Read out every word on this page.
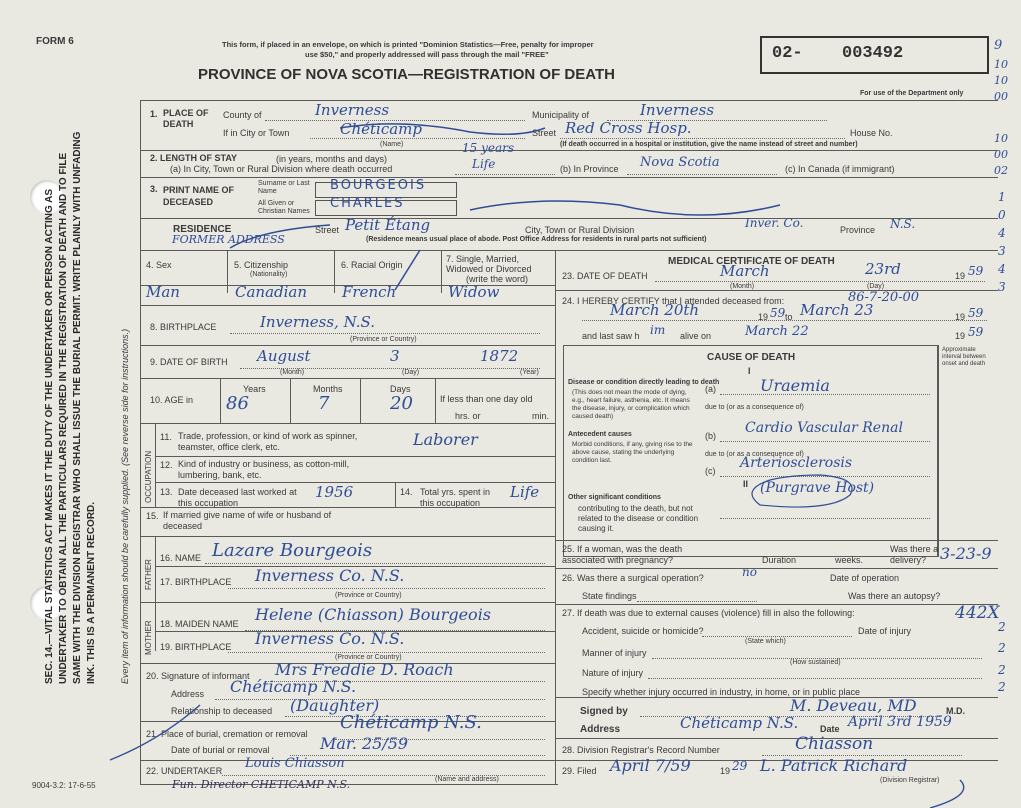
SEC. 14.—VITAL STATISTICS ACT MAKES IT THE DUTY OF THE UNDERTAKER OR PERSON ACTING AS UNDERTAKER TO OBTAIN ALL THE PARTICULARS REQUIRED IN THE REGISTRATION OF DEATH AND TO FILE SAME WITH THE DIVISION REGISTRAR WHO SHALL ISSUE THE BURIAL PERMIT. WRITE PLAINLY WITH UNFADING INK. THIS IS A PERMANENT RECORD.	Every item of information should be carefully supplied. (See reverse side for instructions.)
FORM 6	This form, if placed in an envelope, on which is printed "Dominion Statistics—Free, penalty for improper
use $50," and properly addressed will pass through the mail "FREE"
PROVINCE OF NOVA SCOTIA—REGISTRATION OF DEATH
02- 003492
For use of the Department only
9
10
10
00
10
00
02
1
0
4
3
4
3
1. PLACE OF DEATH
County of	Inverness	Municipality of	Inverness
If in City or Town	Chéticamp
(Name)
Street Red Cross Hosp.	House No.
(If death occurred in a hospital or institution, give the name instead of street and number)
2. LENGTH OF STAY	(in years, months and days)
(a) In City, Town or Rural Division where death occurred
15 years
Life	(b) In Province Nova Scotia	(c) In Canada (if immigrant)
3. PRINT NAME OF DECEASED
Surname or Last Name
All Given or Christian Names
BOURGEOIS
CHARLES
RESIDENCE	Street Petit Étang	City, Town or Rural Division	Inver. Co.	Province N.S.
(Residence means usual place of abode. Post Office Address for residents in rural parts not sufficient)
FORMER ADDRESS
4. Sex	5. Citizenship
(Nationality)
6. Racial Origin
7. Single, Married, Widowed or Divorced
(write the word)
Man	Canadian French	Widow
8. BIRTHPLACE	Inverness, N.S.
(Province or Country)
9. DATE OF BIRTH August	3	1872
(Month)	(Day)	(Year)
10. AGE in
Years	Months	Days
86	7	20	If less than one day old
hrs. or	min.
OCCUPATION
11. Trade, profession, or kind of work as spinner, teamster, office clerk, etc.	Laborer
12. Kind of industry or business, as cotton-mill, lumbering, bank, etc.
13. Date deceased last worked at this occupation
1956	14. Total yrs. spent in this occupation
Life
15. If married give name of wife or husband of deceased
FATHER
16. NAME Lazare Bourgeois
17. BIRTHPLACE Inverness Co. N.S.
(Province or Country)
MOTHER 18. MAIDEN NAME Helene (Chiasson) Bourgeois
19. BIRTHPLACE Inverness Co. N.S.
(Province or Country)
20. Signature of informant Mrs Freddie D. Roach
Address Chéticamp N.S.
Relationship to deceased (Daughter)
21. Place of burial, cremation or removal
Chéticamp N.S.
Date of burial or removal	Mar. 25/59
22. UNDERTAKER Louis Chiasson
(Name and address)
Fun. Director CHETICAMP N.S.
9004-3.2: 17-6-55
MEDICAL CERTIFICATE OF DEATH
23. DATE OF DEATH	March	23rd	19 59
(Month)	(Day)
24. I HEREBY CERTIFY that I attended deceased from:	86-7-20-00
March 20th	19 59 to March 23	19 59
and last saw h im alive on	March 22	19 59
Approximate interval between onset and death
CAUSE OF DEATH
I
Disease or condition directly leading to death
(This does not mean the mode of dying, e.g., heart failure, asthenia, etc. It means the disease, injury, or complication which caused death)
(a)	Uraemia
due to (or as a consequence of)
Antecedent causes
Morbid conditions, if any, giving rise to the above cause, stating the underlying condition last.
(b) Cardio Vascular Renal
due to (or as a consequence of)
(c) Arteriosclerosis
II
Other significant conditions
contributing to the death, but not related to the disease or condition causing it.
(Purgrave Host)
25. If a woman, was the death associated with pregnancy?	Duration	weeks.
Was there a delivery? 3-23-9
26. Was there a surgical operation?	no	Date of operation
State findings	Was there an autopsy?
27. If death was due to external causes (violence) fill in also the following:	442X
Accident, suicide or homicide?
(State which)
Date of injury	2
Manner of injury	2
(How sustained)
Nature of injury	2
Specify whether injury occurred in industry, in home, or in public place	2
Signed by	M. Deveau, MD	M.D.
Address	Chéticamp N.S. Date April 3rd 1959
28. Division Registrar's Record Number	Chiasson
29. Filed April 7/59	19 29 L. Patrick Richard
(Division Registrar)
